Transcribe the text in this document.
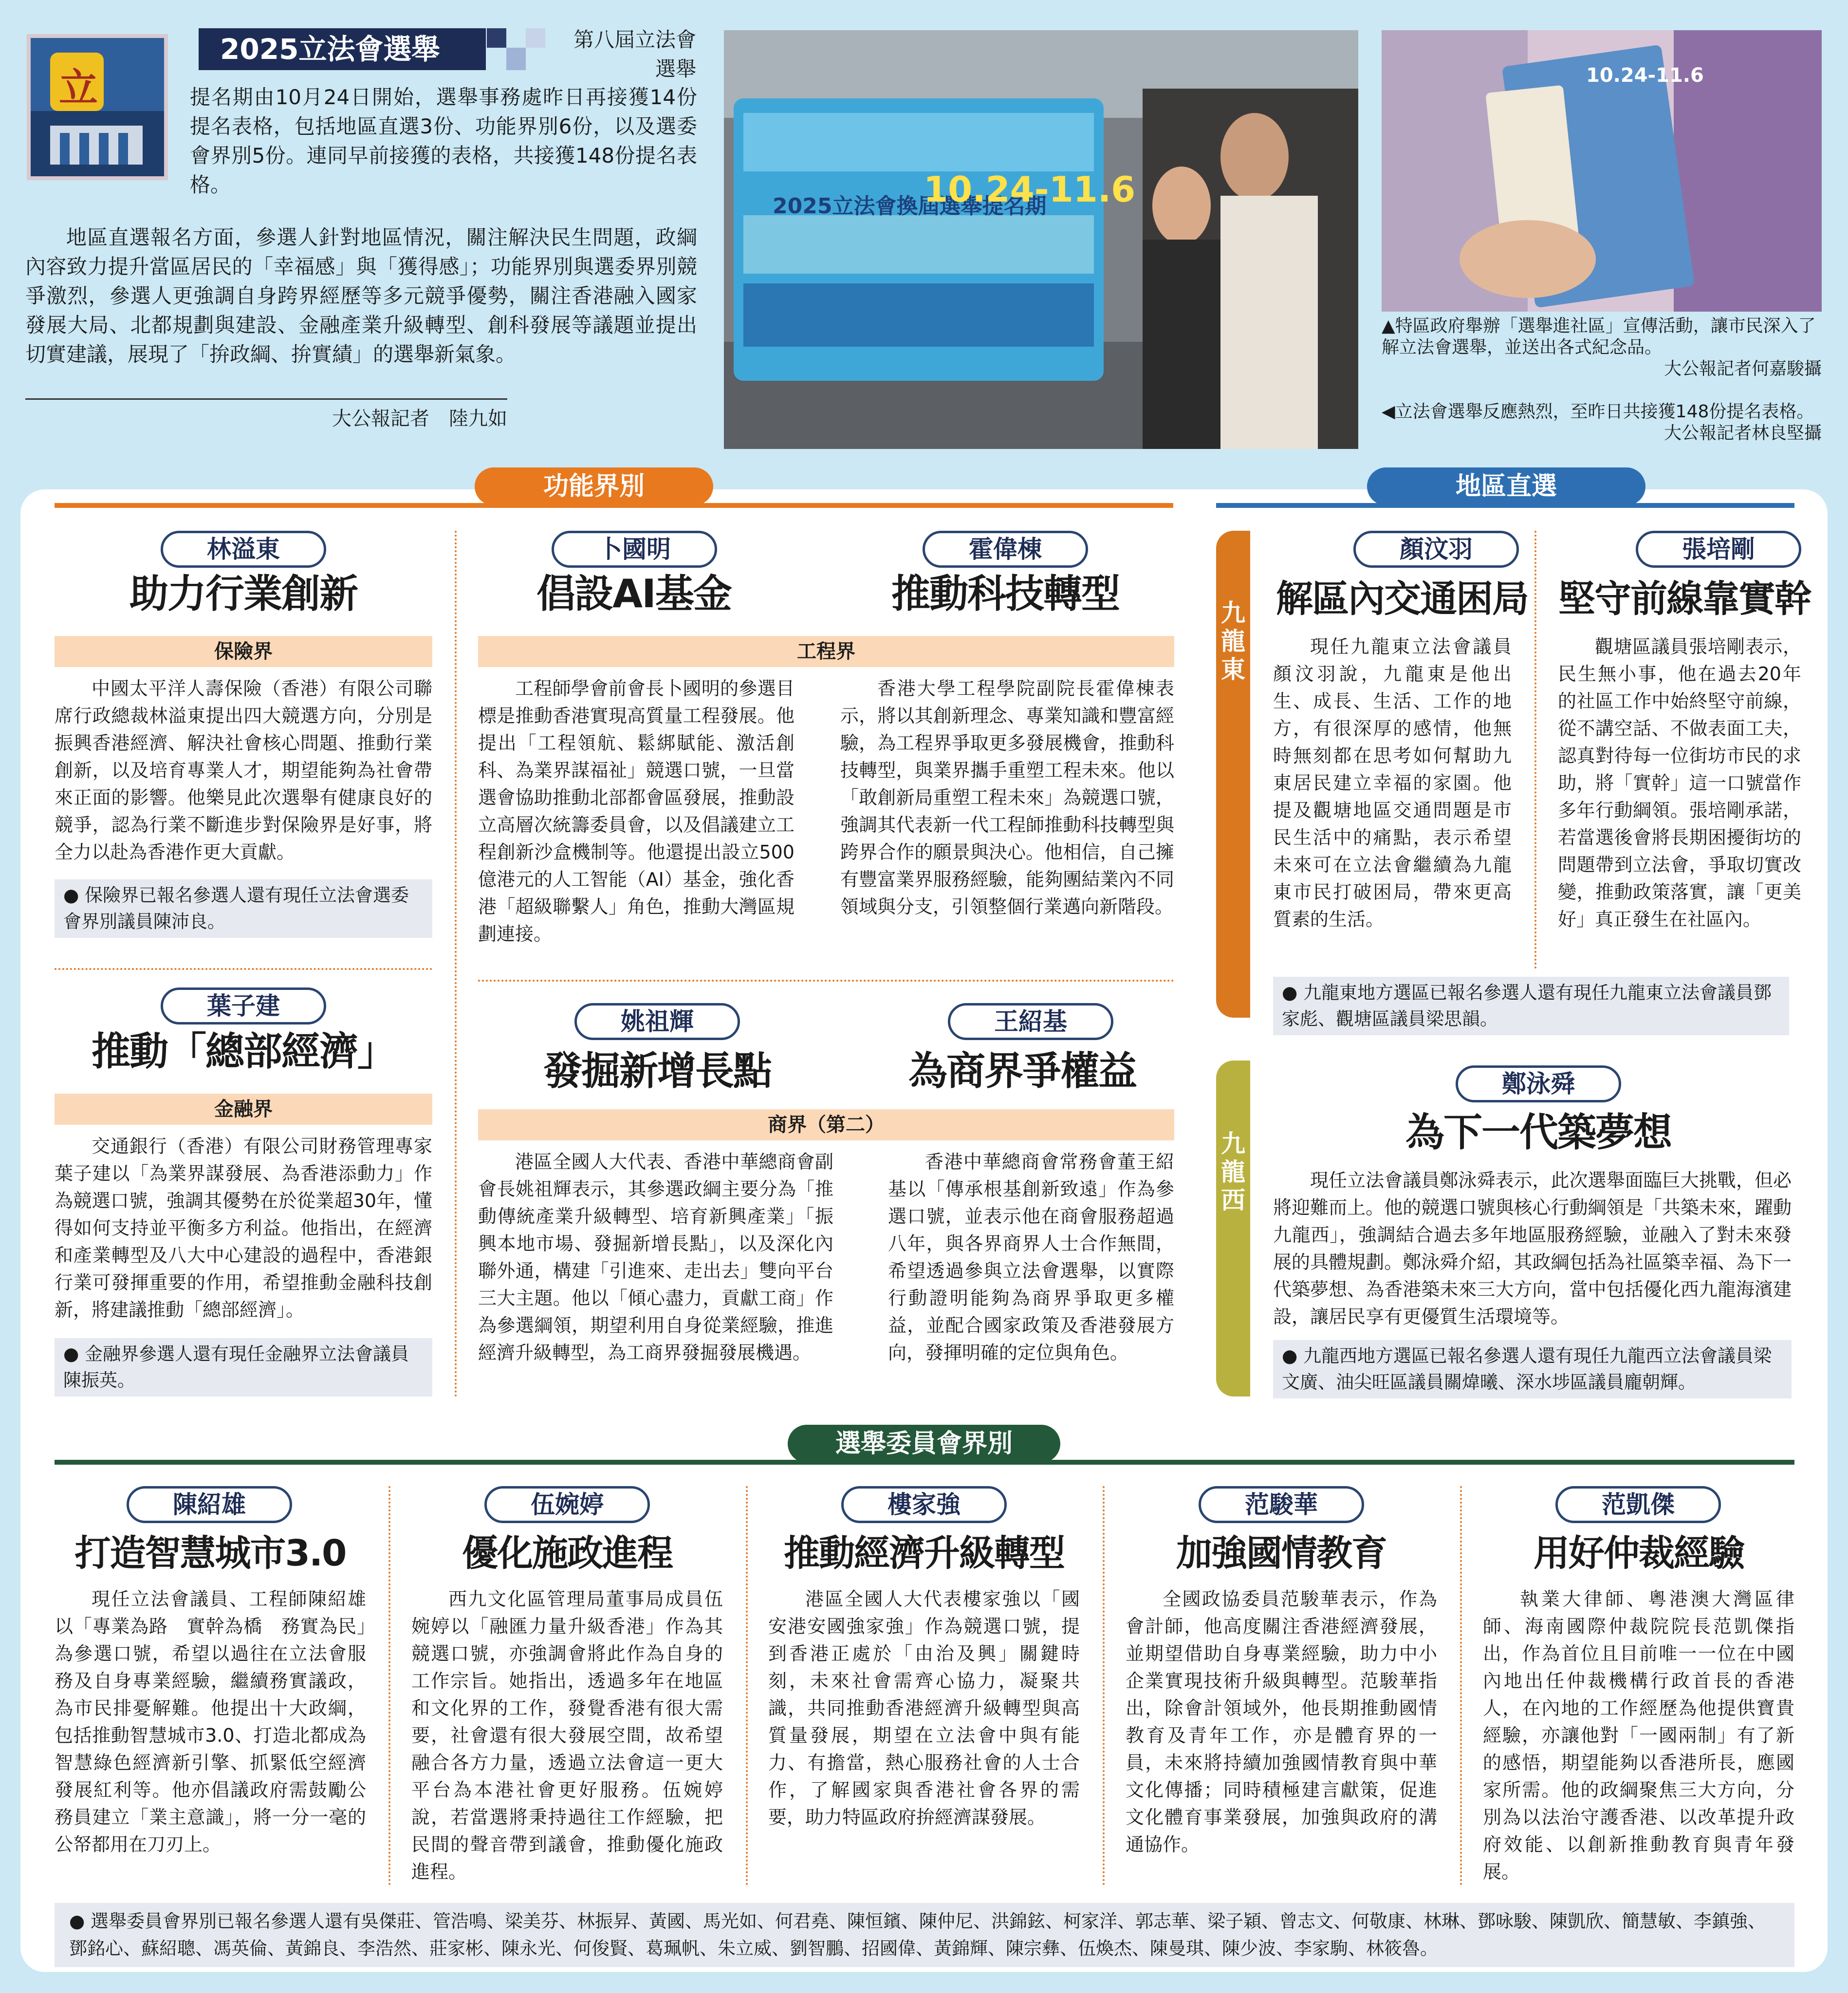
立
2025立法會選舉	第八屆立法會選舉
提名期由10月24日開始，選舉事務處昨日再接獲14份提名表格，包括地區直選3份、功能界別6份，以及選委會界別5份。連同早前接獲的表格，共接獲148份提名表格。
地區直選報名方面，參選人針對地區情況，關注解決民生問題，政綱內容致力提升當區居民的「幸福感」與「獲得感」；功能界別與選委界別競爭激烈，參選人更強調自身跨界經歷等多元競爭優勢，關注香港融入國家發展大局、北都規劃與建設、金融產業升級轉型、創科發展等議題並提出切實建議，展現了「拚政綱、拚實績」的選舉新氣象。
大公報記者　陸九如
2025立法會換屆選舉提名期
10.24-11.6
10.24-11.6
▲特區政府舉辦「選舉進社區」宣傳活動，讓市民深入了解立法會選舉，並送出各式紀念品。
大公報記者何嘉駿攝
◀立法會選舉反應熱烈，至昨日共接獲148份提名表格。
大公報記者林良堅攝
功能界別	地區直選
林溢東
助力行業創新
保險界
中國太平洋人壽保險（香港）有限公司聯席行政總裁林溢東提出四大競選方向，分別是振興香港經濟、解決社會核心問題、推動行業創新，以及培育專業人才，期望能夠為社會帶來正面的影響。他樂見此次選舉有健康良好的競爭，認為行業不斷進步對保險界是好事，將全力以赴為香港作更大貢獻。
● 保險界已報名參選人還有現任立法會選委會界別議員陳沛良。
葉子建
推動「總部經濟」
金融界
交通銀行（香港）有限公司財務管理專家葉子建以「為業界謀發展、為香港添動力」作為競選口號，強調其優勢在於從業超30年，懂得如何支持並平衡多方利益。他指出，在經濟和產業轉型及八大中心建設的過程中，香港銀行業可發揮重要的作用，希望推動金融科技創新，將建議推動「總部經濟」。
● 金融界參選人還有現任金融界立法會議員陳振英。
卜國明	霍偉棟
倡設AI基金	推動科技轉型
工程界
工程師學會前會長卜國明的參選目標是推動香港實現高質量工程發展。他提出「工程領航、鬆綁賦能、激活創科、為業界謀福祉」競選口號，一旦當選會協助推動北部都會區發展，推動設立高層次統籌委員會，以及倡議建立工程創新沙盒機制等。他還提出設立500億港元的人工智能（AI）基金，強化香港「超級聯繫人」角色，推動大灣區規劃連接。
香港大學工程學院副院長霍偉棟表示，將以其創新理念、專業知識和豐富經驗，為工程界爭取更多發展機會，推動科技轉型，與業界攜手重塑工程未來。他以「敢創新局重塑工程未來」為競選口號，強調其代表新一代工程師推動科技轉型與跨界合作的願景與決心。他相信，自己擁有豐富業界服務經驗，能夠團結業內不同領域與分支，引領整個行業邁向新階段。
姚祖輝	王紹基
發掘新增長點	為商界爭權益
商界（第二）
港區全國人大代表、香港中華總商會副會長姚祖輝表示，其參選政綱主要分為「推動傳統產業升級轉型、培育新興產業」「振興本地市場、發掘新增長點」，以及深化內聯外通，構建「引進來、走出去」雙向平台三大主題。他以「傾心盡力，貢獻工商」作為參選綱領，期望利用自身從業經驗，推進經濟升級轉型，為工商界發掘發展機遇。
香港中華總商會常務會董王紹基以「傳承根基創新致遠」作為參選口號，並表示他在商會服務超過八年，與各界商界人士合作無間，希望透過參與立法會選舉，以實際行動證明能夠為商界爭取更多權益，並配合國家政策及香港發展方向，發揮明確的定位與角色。
九龍東
顏汶羽	張培剛
解區內交通困局 堅守前線靠實幹
現任九龍東立法會議員顏汶羽說，九龍東是他出生、成長、生活、工作的地方，有很深厚的感情，他無時無刻都在思考如何幫助九東居民建立幸福的家園。他提及觀塘地區交通問題是市民生活中的痛點，表示希望未來可在立法會繼續為九龍東市民打破困局，帶來更高質素的生活。
觀塘區議員張培剛表示，民生無小事，他在過去20年的社區工作中始終堅守前線，從不講空話、不做表面工夫，認真對待每一位街坊市民的求助，將「實幹」這一口號當作多年行動綱領。張培剛承諾，若當選後會將長期困擾街坊的問題帶到立法會，爭取切實改變，推動政策落實，讓「更美好」真正發生在社區內。
● 九龍東地方選區已報名參選人還有現任九龍東立法會議員鄧家彪、觀塘區議員梁思韻。
九龍西
鄭泳舜
為下一代築夢想
現任立法會議員鄭泳舜表示，此次選舉面臨巨大挑戰，但必將迎難而上。他的競選口號與核心行動綱領是「共築未來，躍動九龍西」，強調結合過去多年地區服務經驗，並融入了對未來發展的具體規劃。鄭泳舜介紹，其政綱包括為社區築幸福、為下一代築夢想、為香港築未來三大方向，當中包括優化西九龍海濱建設，讓居民享有更優質生活環境等。
● 九龍西地方選區已報名參選人還有現任九龍西立法會議員梁文廣、油尖旺區議員關煒曦、深水埗區議員龐朝輝。
選舉委員會界別
陳紹雄	伍婉婷	樓家強	范駿華	范凱傑
打造智慧城市3.0	優化施政進程	推動經濟升級轉型	加強國情教育	用好仲裁經驗
現任立法會議員、工程師陳紹雄以「專業為路　實幹為橋　務實為民」為參選口號，希望以過往在立法會服務及自身專業經驗，繼續務實議政，為市民排憂解難。他提出十大政綱，包括推動智慧城市3.0、打造北都成為智慧綠色經濟新引擎、抓緊低空經濟發展紅利等。他亦倡議政府需鼓勵公務員建立「業主意識」，將一分一毫的公帑都用在刀刃上。
西九文化區管理局董事局成員伍婉婷以「融匯力量升級香港」作為其競選口號，亦強調會將此作為自身的工作宗旨。她指出，透過多年在地區和文化界的工作，發覺香港有很大需要，社會還有很大發展空間，故希望融合各方力量，透過立法會這一更大平台為本港社會更好服務。伍婉婷說，若當選將秉持過往工作經驗，把民間的聲音帶到議會，推動優化施政進程。
港區全國人大代表樓家強以「國安港安國強家強」作為競選口號，提到香港正處於「由治及興」關鍵時刻，未來社會需齊心協力，凝聚共識，共同推動香港經濟升級轉型與高質量發展，期望在立法會中與有能力、有擔當，熱心服務社會的人士合作，了解國家與香港社會各界的需要，助力特區政府拚經濟謀發展。
全國政協委員范駿華表示，作為會計師，他高度關注香港經濟發展，並期望借助自身專業經驗，助力中小企業實現技術升級與轉型。范駿華指出，除會計領域外，他長期推動國情教育及青年工作，亦是體育界的一員，未來將持續加強國情教育與中華文化傳播；同時積極建言獻策，促進文化體育事業發展，加強與政府的溝通協作。
執業大律師、粵港澳大灣區律師、海南國際仲裁院院長范凱傑指出，作為首位且目前唯一一位在中國內地出任仲裁機構行政首長的香港人，在內地的工作經歷為他提供寶貴經驗，亦讓他對「一國兩制」有了新的感悟，期望能夠以香港所長，應國家所需。他的政綱聚焦三大方向，分別為以法治守護香港、以改革提升政府效能、以創新推動教育與青年發展。
● 選舉委員會界別已報名參選人還有吳傑莊、管浩鳴、梁美芬、林振昇、黃國、馬光如、何君堯、陳恒鑌、陳仲尼、洪錦鉉、柯家洋、郭志華、梁子穎、曾志文、何敬康、林琳、鄧咏駿、陳凱欣、簡慧敏、李鎮強、鄧銘心、蘇紹聰、馮英倫、黃錦良、李浩然、莊家彬、陳永光、何俊賢、葛珮帆、朱立威、劉智鵬、招國偉、黃錦輝、陳宗彝、伍煥杰、陳曼琪、陳少波、李家駒、林筱魯。
